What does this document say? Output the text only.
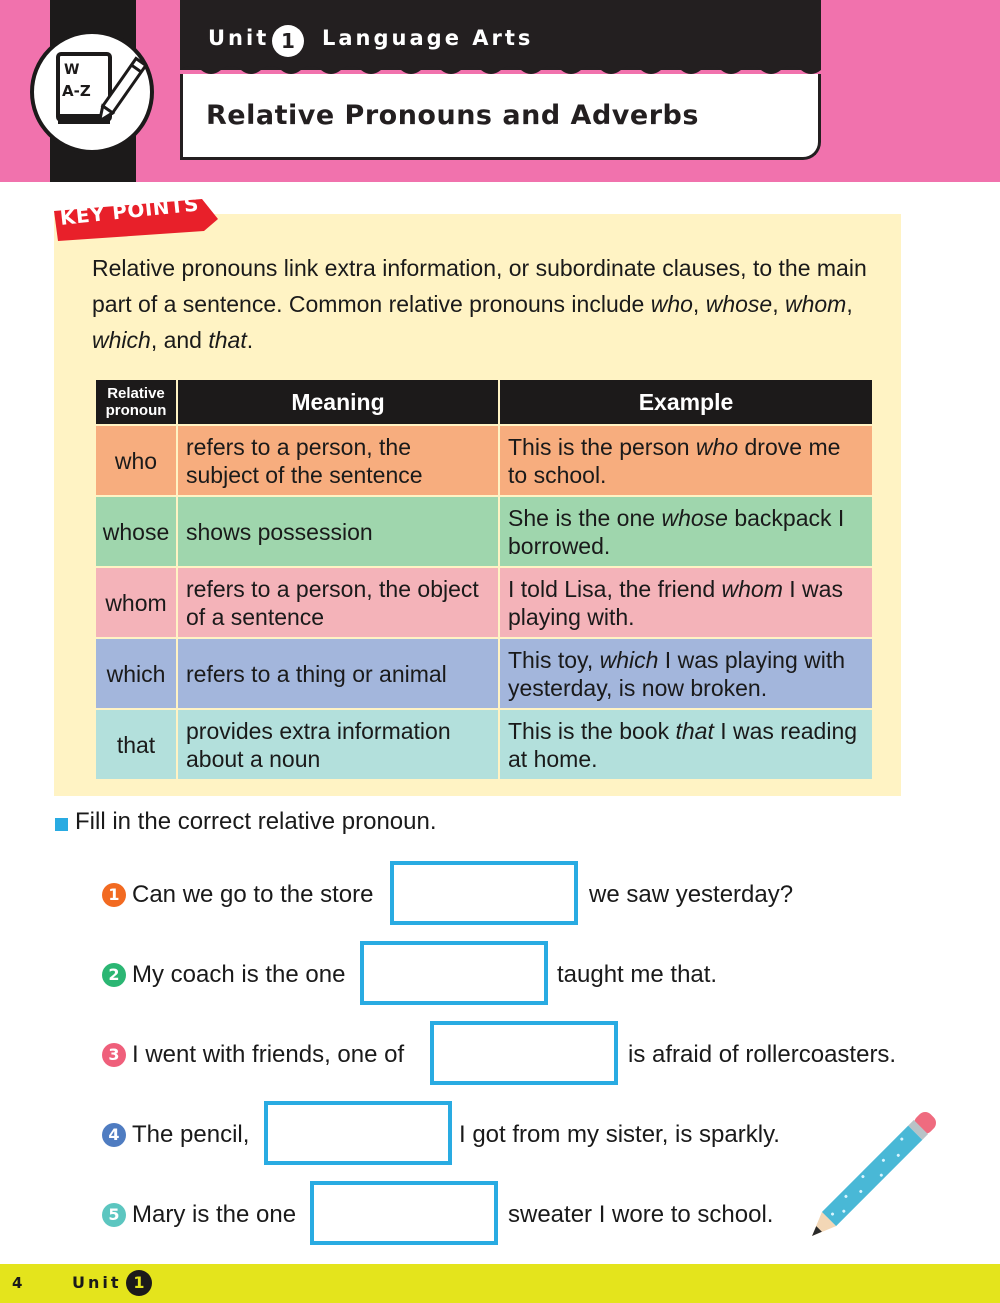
W
A-Z
Unit 1	Language Arts
Relative Pronouns and Adverbs
KEY POINTS

Relative pronouns link extra information, or subordinate clauses, to the main part of a sentence. Common relative pronouns include who, whose, whom, which, and that.

Relative pronoun	Meaning	Example
who	refers to a person, the subject of the sentence	This is the person who drove me to school.
whose	shows possession	She is the one whose backpack I borrowed.
whom	refers to a person, the object of a sentence	I told Lisa, the friend whom I was playing with.
which	refers to a thing or animal	This toy, which I was playing with yesterday, is now broken.
that	provides extra information about a noun	This is the book that I was reading at home.
Fill in the correct relative pronoun.
1 Can we go to the store	we saw yesterday?
2 My coach is the one	taught me that.
3 I went with friends, one of	is afraid of rollercoasters.
4 The pencil,	I got from my sister, is sparkly.
5 Mary is the one	sweater I wore to school.
4	Unit 1
